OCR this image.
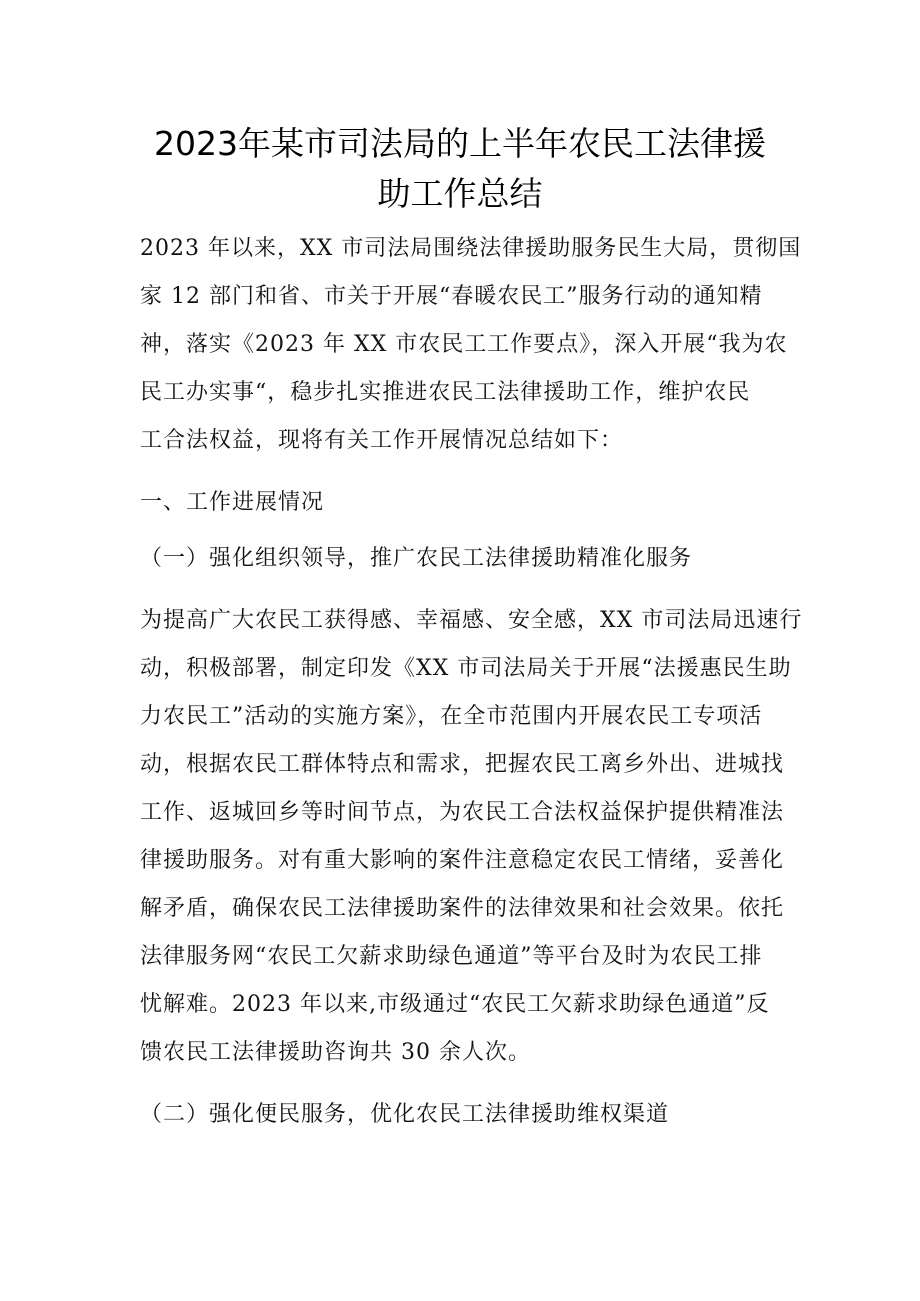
2023年某市司法局的上半年农民工法律援
助工作总结

2023 年以来，XX 市司法局围绕法律援助服务民生大局，贯彻国
家 12 部门和省、市关于开展“春暖农民工”服务行动的通知精
神，落实《2023 年 XX 市农民工工作要点》，深入开展“我为农
民工办实事“，稳步扎实推进农民工法律援助工作，维护农民
工合法权益，现将有关工作开展情况总结如下：

一、工作进展情况

（一）强化组织领导，推广农民工法律援助精准化服务

为提高广大农民工获得感、幸福感、安全感，XX 市司法局迅速行
动，积极部署，制定印发《XX 市司法局关于开展“法援惠民生助
力农民工”活动的实施方案》，在全市范围内开展农民工专项活
动，根据农民工群体特点和需求，把握农民工离乡外出、进城找
工作、返城回乡等时间节点，为农民工合法权益保护提供精准法
律援助服务。对有重大影响的案件注意稳定农民工情绪，妥善化
解矛盾，确保农民工法律援助案件的法律效果和社会效果。依托
法律服务网“农民工欠薪求助绿色通道”等平台及时为农民工排
忧解难。2023 年以来,市级通过“农民工欠薪求助绿色通道”反
馈农民工法律援助咨询共 30 余人次。

（二）强化便民服务，优化农民工法律援助维权渠道
